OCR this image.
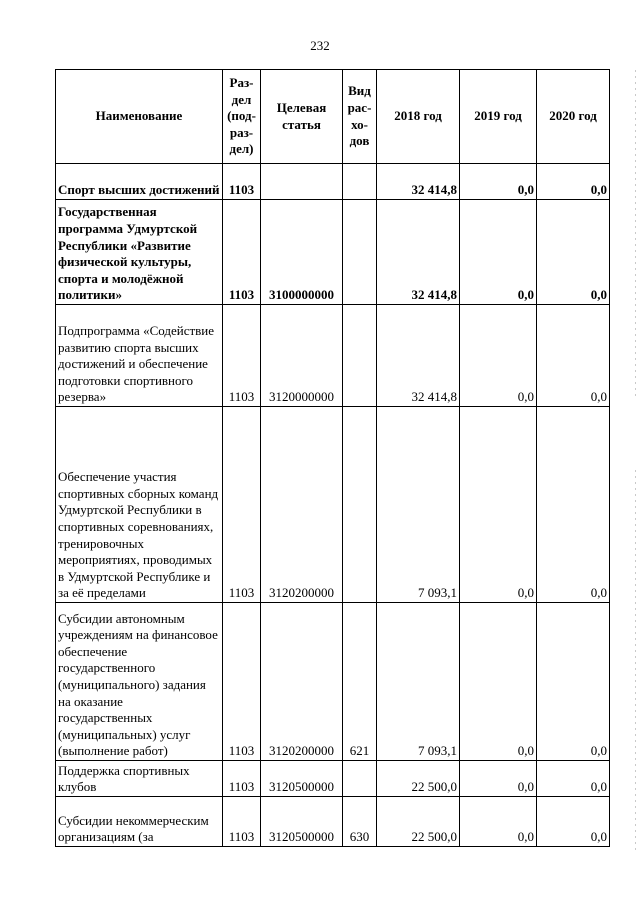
232
Наименование	Раз-
дел
(под-
раз-
дел)	Целевая
статья	Вид
рас-
хо-
дов	2018 год	2019 год	2020 год
Спорт высших достижений	1103			32 414,8	0,0	0,0
Государственная программа Удмуртской Республики «Развитие физической культуры, спорта и молодёжной политики»	1103	3100000000		32 414,8	0,0	0,0
Подпрограмма «Содействие развитию спорта высших достижений и обеспечение подготовки спортивного резерва»	1103	3120000000		32 414,8	0,0	0,0
Обеспечение участия спортивных сборных команд Удмуртской Республики в спортивных соревнованиях, тренировочных мероприятиях, проводимых в Удмуртской Республике и за её пределами	1103	3120200000		7 093,1	0,0	0,0
Субсидии автономным учреждениям на финансовое обеспечение государственного (муниципального) задания на оказание государственных (муниципальных) услуг (выполнение работ)	1103	3120200000	621	7 093,1	0,0	0,0
Поддержка спортивных клубов	1103	3120500000		22 500,0	0,0	0,0
Субсидии некоммерческим организациям (за	1103	3120500000	630	22 500,0	0,0	0,0
